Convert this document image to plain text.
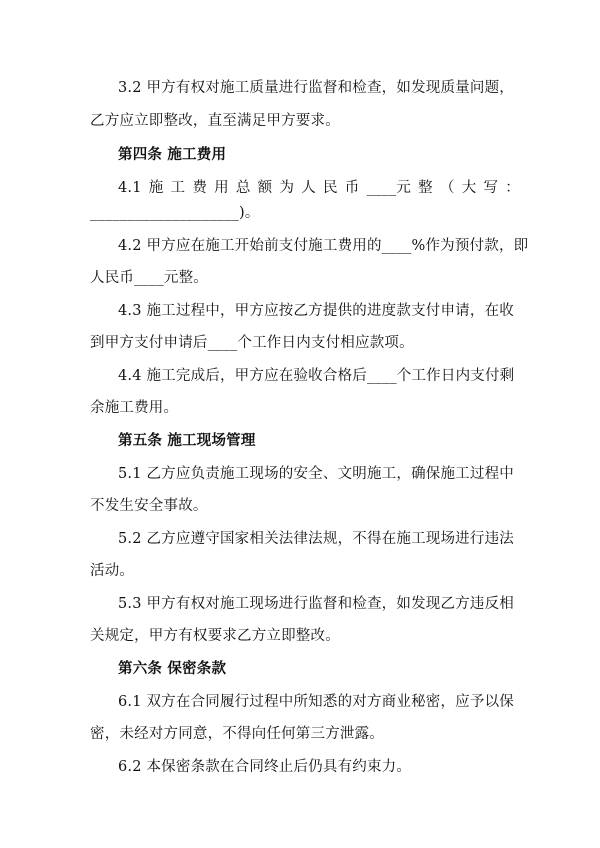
3.2 甲方有权对施工质量进行监督和检查，如发现质量问题，
乙方应立即整改，直至满足甲方要求。
第四条 施工费用
4.1 施 工 费 用 总 额 为 人 民 币 ____元 整 （ 大 写 ：
____________________)。
4.2 甲方应在施工开始前支付施工费用的____%作为预付款，即
人民币____元整。
4.3 施工过程中，甲方应按乙方提供的进度款支付申请，在收
到甲方支付申请后____个工作日内支付相应款项。
4.4 施工完成后，甲方应在验收合格后____个工作日内支付剩
余施工费用。
第五条 施工现场管理
5.1 乙方应负责施工现场的安全、文明施工，确保施工过程中
不发生安全事故。
5.2 乙方应遵守国家相关法律法规，不得在施工现场进行违法
活动。
5.3 甲方有权对施工现场进行监督和检查，如发现乙方违反相
关规定，甲方有权要求乙方立即整改。
第六条 保密条款
6.1 双方在合同履行过程中所知悉的对方商业秘密，应予以保
密，未经对方同意，不得向任何第三方泄露。
6.2 本保密条款在合同终止后仍具有约束力。
